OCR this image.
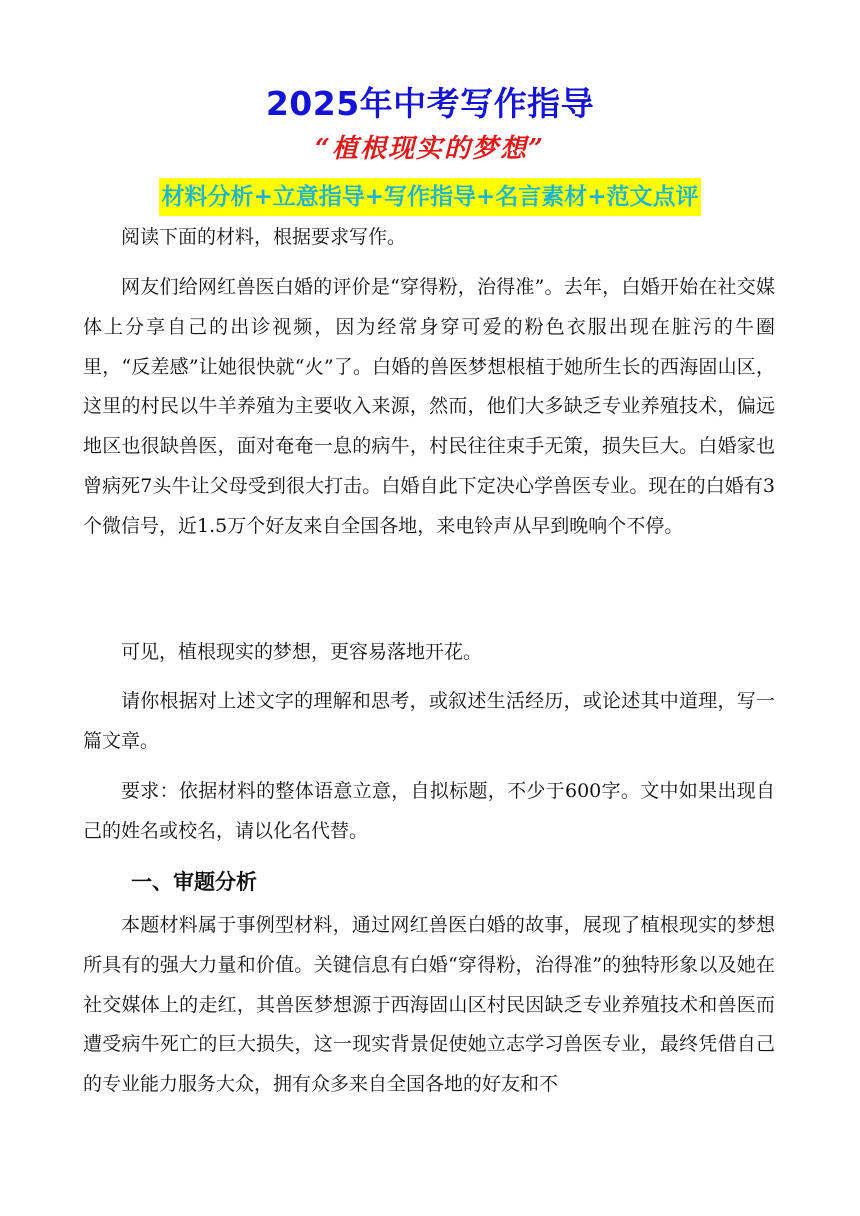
2025年中考写作指导
“植根现实的梦想”
材料分析+立意指导+写作指导+名言素材+范文点评

阅读下面的材料，根据要求写作。

网友们给网红兽医白婚的评价是“穿得粉，治得准”。去年，白婚开始在社交媒体上分享自己的出诊视频，因为经常身穿可爱的粉色衣服出现在脏污的牛圈里，“反差感”让她很快就“火”了。白婚的兽医梦想根植于她所生长的西海固山区，这里的村民以牛羊养殖为主要收入来源，然而，他们大多缺乏专业养殖技术，偏远地区也很缺兽医，面对奄奄一息的病牛，村民往往束手无策，损失巨大。白婚家也曾病死7头牛让父母受到很大打击。白婚自此下定决心学兽医专业。现在的白婚有3个微信号，近1.5万个好友来自全国各地，来电铃声从早到晚响个不停。

可见，植根现实的梦想，更容易落地开花。

请你根据对上述文字的理解和思考，或叙述生活经历，或论述其中道理，写一篇文章。

要求：依据材料的整体语意立意，自拟标题，不少于600字。文中如果出现自己的姓名或校名，请以化名代替。

一、审题分析

本题材料属于事例型材料，通过网红兽医白婚的故事，展现了植根现实的梦想所具有的强大力量和价值。关键信息有白婚“穿得粉，治得准”的独特形象以及她在社交媒体上的走红，其兽医梦想源于西海固山区村民因缺乏专业养殖技术和兽医而遭受病牛死亡的巨大损失，这一现实背景促使她立志学习兽医专业，最终凭借自己的专业能力服务大众，拥有众多来自全国各地的好友和不
